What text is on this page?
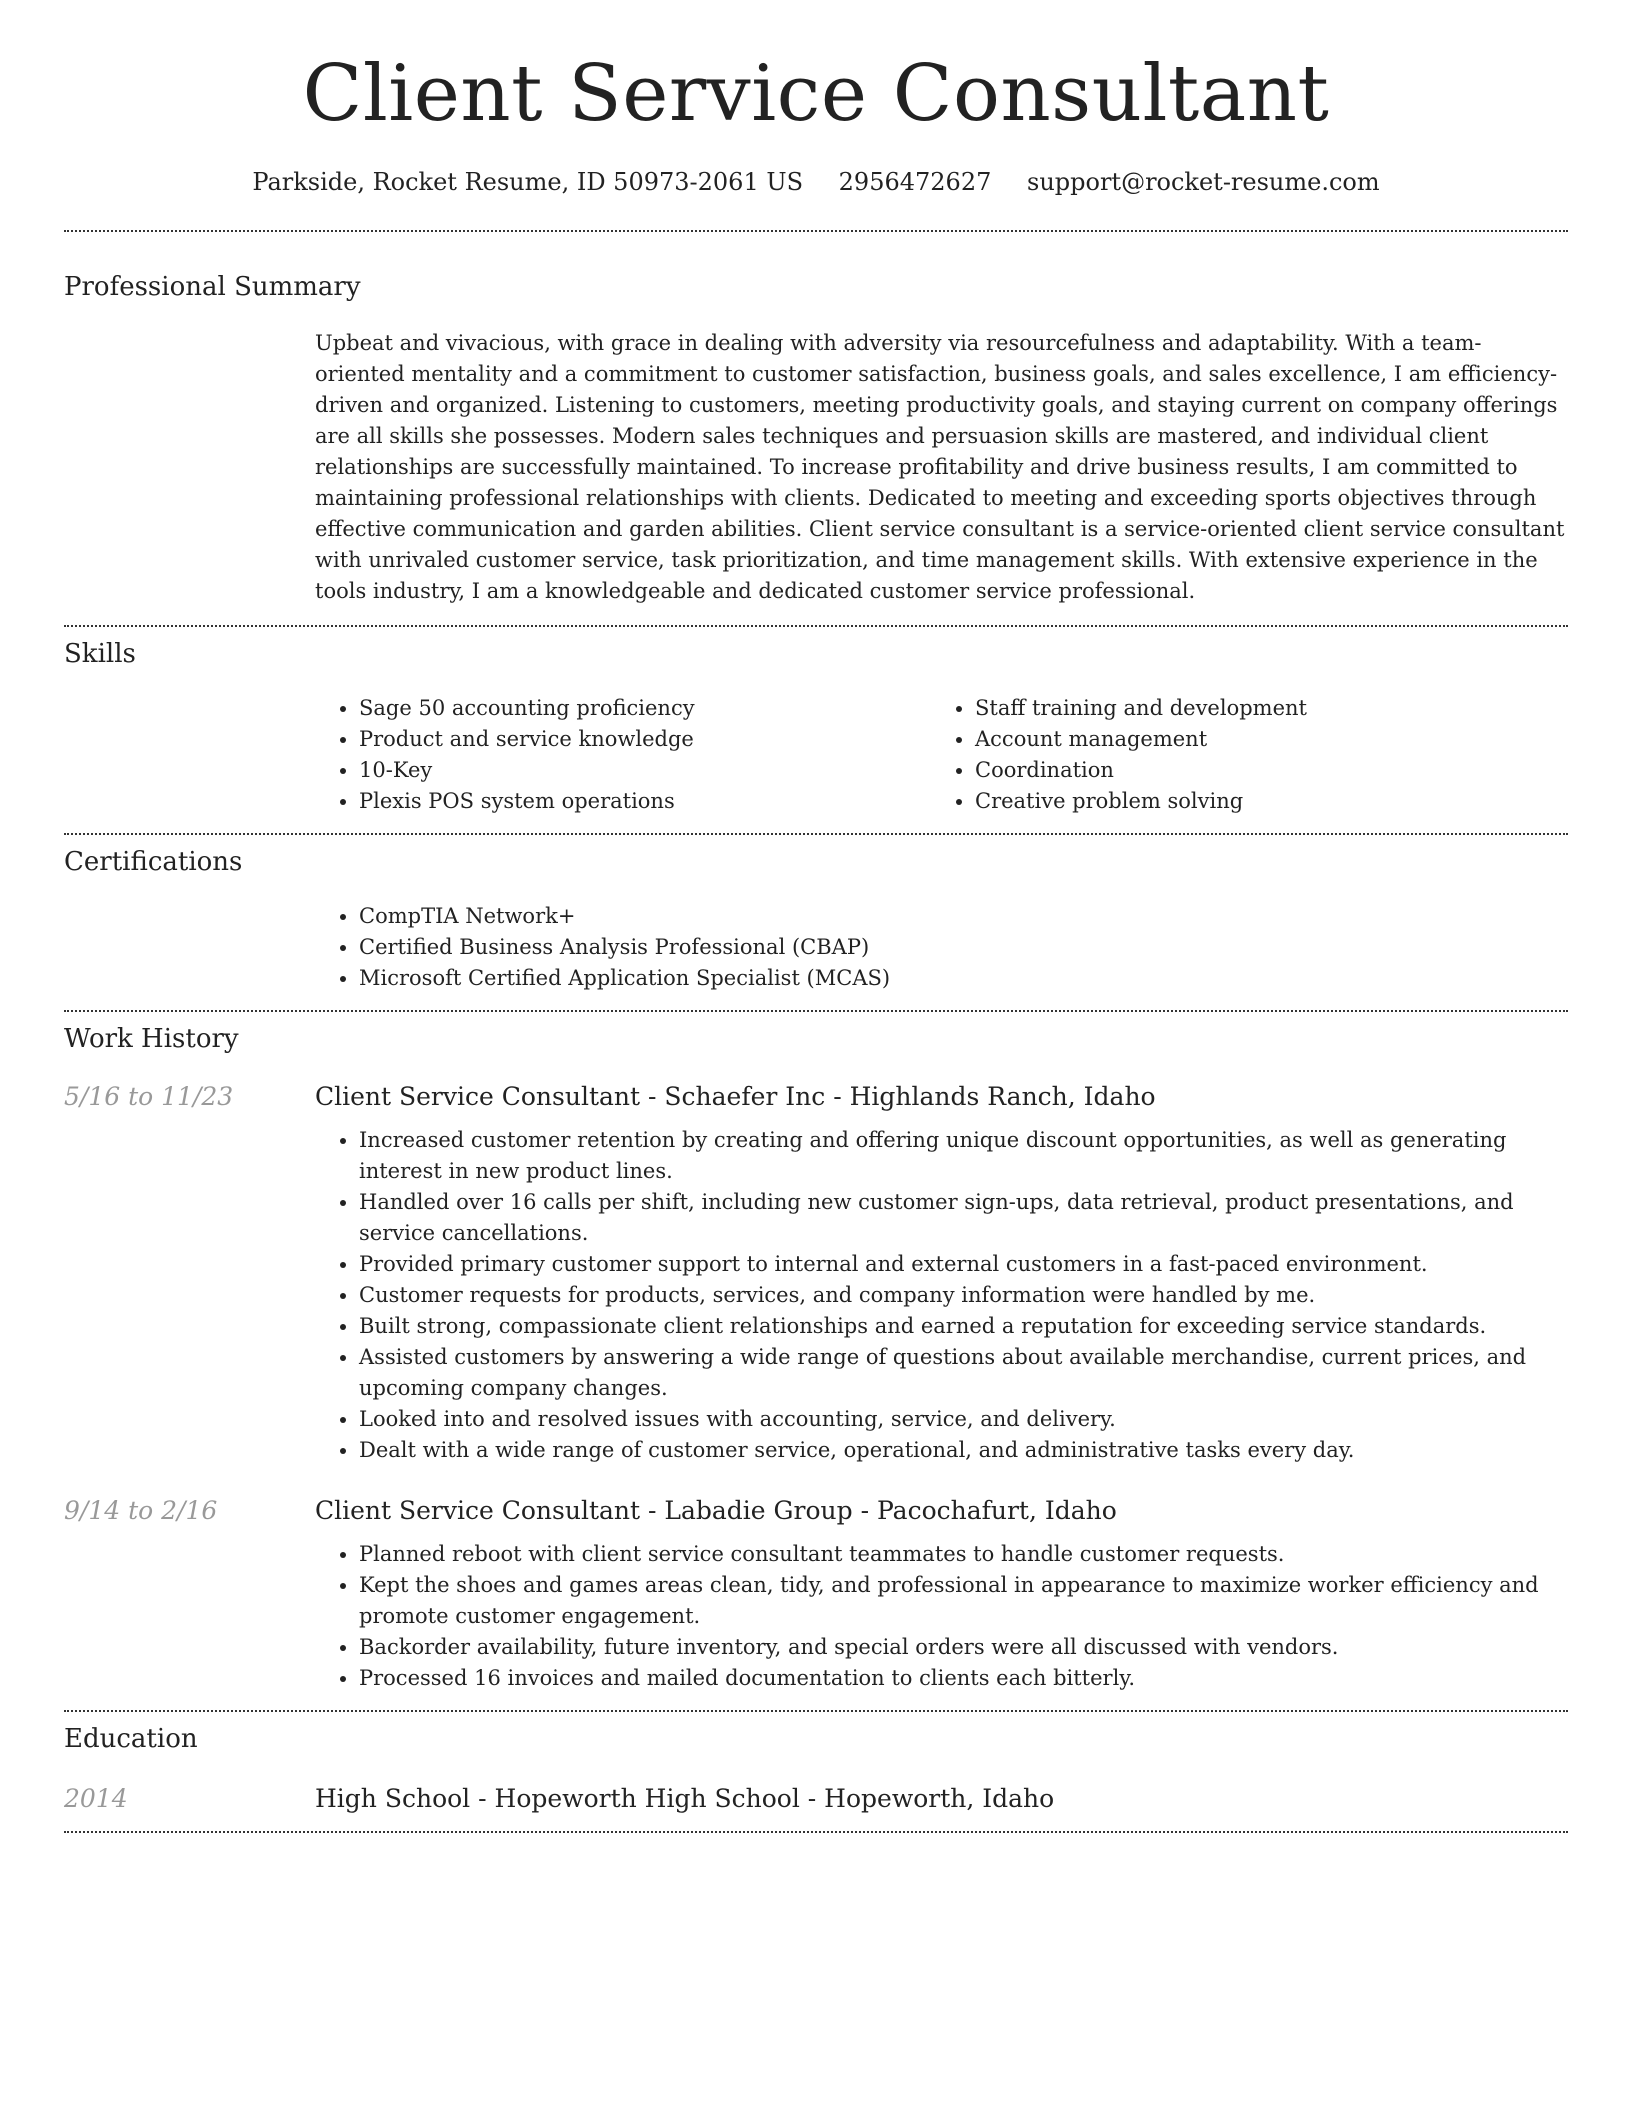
Client Service Consultant
Parkside, Rocket Resume, ID 50973-2061 US 2956472627 support@rocket-resume.com
Professional Summary

Upbeat and vivacious, with grace in dealing with adversity via resourcefulness and adaptability. With a team-oriented mentality and a commitment to customer satisfaction, business goals, and sales excellence, I am efficiency-driven and organized. Listening to customers, meeting productivity goals, and staying current on company offerings are all skills she possesses. Modern sales techniques and persuasion skills are mastered, and individual client relationships are successfully maintained. To increase profitability and drive business results, I am committed to maintaining professional relationships with clients. Dedicated to meeting and exceeding sports objectives through effective communication and garden abilities. Client service consultant is a service-oriented client service consultant with unrivaled customer service, task prioritization, and time management skills. With extensive experience in the tools industry, I am a knowledgeable and dedicated customer service professional.

Skills
• Sage 50 accounting proficiency
• Product and service knowledge
• 10-Key
• Plexis POS system operations
• Staff training and development
• Account management
• Coordination
• Creative problem solving
Certifications
• CompTIA Network+
• Certified Business Analysis Professional (CBAP)
• Microsoft Certified Application Specialist (MCAS)
Work History
5/16 to 11/23	Client Service Consultant - Schaefer Inc - Highlands Ranch, Idaho
• Increased customer retention by creating and offering unique discount opportunities, as well as generating interest in new product lines.
• Handled over 16 calls per shift, including new customer sign-ups, data retrieval, product presentations, and service cancellations.
• Provided primary customer support to internal and external customers in a fast-paced environment.
• Customer requests for products, services, and company information were handled by me.
• Built strong, compassionate client relationships and earned a reputation for exceeding service standards.
• Assisted customers by answering a wide range of questions about available merchandise, current prices, and upcoming company changes.
• Looked into and resolved issues with accounting, service, and delivery.
• Dealt with a wide range of customer service, operational, and administrative tasks every day.
9/14 to 2/16	Client Service Consultant - Labadie Group - Pacochafurt, Idaho
• Planned reboot with client service consultant teammates to handle customer requests.
• Kept the shoes and games areas clean, tidy, and professional in appearance to maximize worker efficiency and promote customer engagement.
• Backorder availability, future inventory, and special orders were all discussed with vendors.
• Processed 16 invoices and mailed documentation to clients each bitterly.
Education
2014	High School - Hopeworth High School - Hopeworth, Idaho
